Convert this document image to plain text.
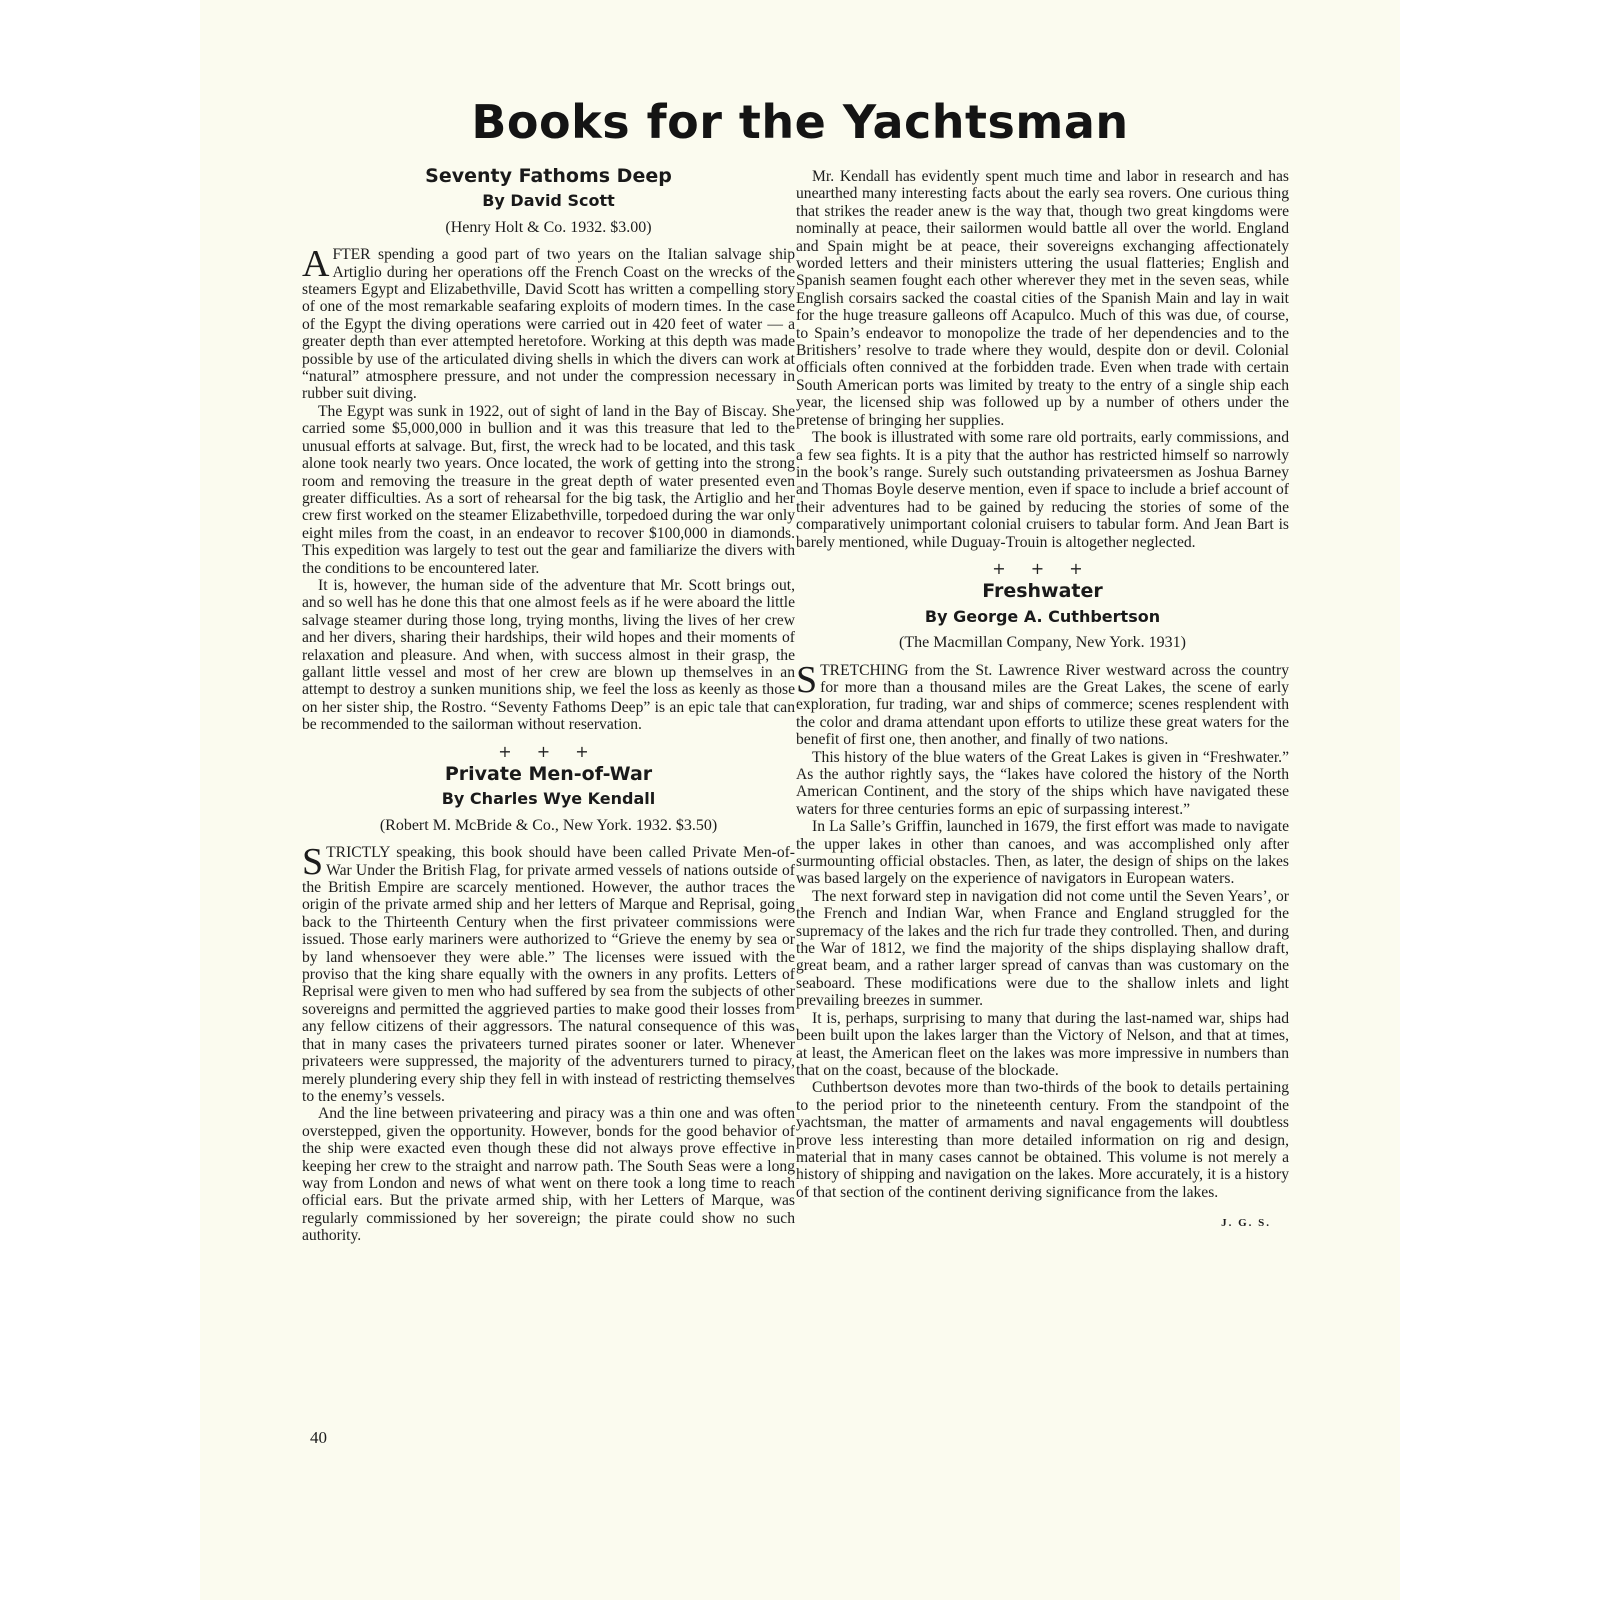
Books for the Yachtsman
Seventy Fathoms Deep
By David Scott
(Henry Holt & Co. 1932. $3.00)

AFTER spending a good part of two years on the Italian salvage ship Artiglio during her operations off the French Coast on the wrecks of the steamers Egypt and Elizabethville, David Scott has written a compelling story of one of the most remarkable seafaring exploits of modern times. In the case of the Egypt the diving operations were carried out in 420 feet of water — a greater depth than ever attempted heretofore. Working at this depth was made possible by use of the articulated diving shells in which the divers can work at “natural” atmosphere pressure, and not under the compression necessary in rubber suit diving.

The Egypt was sunk in 1922, out of sight of land in the Bay of Biscay. She carried some $5,000,000 in bullion and it was this treasure that led to the unusual efforts at salvage. But, first, the wreck had to be located, and this task alone took nearly two years. Once located, the work of getting into the strong room and removing the treasure in the great depth of water presented even greater difficulties. As a sort of rehearsal for the big task, the Artiglio and her crew first worked on the steamer Elizabethville, torpedoed during the war only eight miles from the coast, in an endeavor to recover $100,000 in diamonds. This expedition was largely to test out the gear and familiarize the divers with the conditions to be encountered later.

It is, however, the human side of the adventure that Mr. Scott brings out, and so well has he done this that one almost feels as if he were aboard the little salvage steamer during those long, trying months, living the lives of her crew and her divers, sharing their hardships, their wild hopes and their moments of relaxation and pleasure. And when, with success almost in their grasp, the gallant little vessel and most of her crew are blown up themselves in an attempt to destroy a sunken munitions ship, we feel the loss as keenly as those on her sister ship, the Rostro. “Seventy Fathoms Deep” is an epic tale that can be recommended to the sailorman without reservation.

+ + +
Private Men-of-War
By Charles Wye Kendall
(Robert M. McBride & Co., New York. 1932. $3.50)

STRICTLY speaking, this book should have been called Private Men-of-War Under the British Flag, for private armed vessels of nations outside of the British Empire are scarcely mentioned. However, the author traces the origin of the private armed ship and her letters of Marque and Reprisal, going back to the Thirteenth Century when the first privateer commissions were issued. Those early mariners were authorized to “Grieve the enemy by sea or by land whensoever they were able.” The licenses were issued with the proviso that the king share equally with the owners in any profits. Letters of Reprisal were given to men who had suffered by sea from the subjects of other sovereigns and permitted the aggrieved parties to make good their losses from any fellow citizens of their aggressors. The natural consequence of this was that in many cases the privateers turned pirates sooner or later. Whenever privateers were suppressed, the majority of the adventurers turned to piracy, merely plundering every ship they fell in with instead of restricting themselves to the enemy’s vessels.

And the line between privateering and piracy was a thin one and was often overstepped, given the opportunity. However, bonds for the good behavior of the ship were exacted even though these did not always prove effective in keeping her crew to the straight and narrow path. The South Seas were a long way from London and news of what went on there took a long time to reach official ears. But the private armed ship, with her Letters of Marque, was regularly commissioned by her sovereign; the pirate could show no such authority.

Mr. Kendall has evidently spent much time and labor in research and has unearthed many interesting facts about the early sea rovers. One curious thing that strikes the reader anew is the way that, though two great kingdoms were nominally at peace, their sailormen would battle all over the world. England and Spain might be at peace, their sovereigns exchanging affectionately worded letters and their ministers uttering the usual flatteries; English and Spanish seamen fought each other wherever they met in the seven seas, while English corsairs sacked the coastal cities of the Spanish Main and lay in wait for the huge treasure galleons off Acapulco. Much of this was due, of course, to Spain’s endeavor to monopolize the trade of her dependencies and to the Britishers’ resolve to trade where they would, despite don or devil. Colonial officials often connived at the forbidden trade. Even when trade with certain South American ports was limited by treaty to the entry of a single ship each year, the licensed ship was followed up by a number of others under the pretense of bringing her supplies.

The book is illustrated with some rare old portraits, early commissions, and a few sea fights. It is a pity that the author has restricted himself so narrowly in the book’s range. Surely such outstanding privateersmen as Joshua Barney and Thomas Boyle deserve mention, even if space to include a brief account of their adventures had to be gained by reducing the stories of some of the comparatively unimportant colonial cruisers to tabular form. And Jean Bart is barely mentioned, while Duguay-Trouin is altogether neglected.

+ + +
Freshwater
By George A. Cuthbertson
(The Macmillan Company, New York. 1931)

STRETCHING from the St. Lawrence River westward across the country for more than a thousand miles are the Great Lakes, the scene of early exploration, fur trading, war and ships of commerce; scenes resplendent with the color and drama attendant upon efforts to utilize these great waters for the benefit of first one, then another, and finally of two nations.

This history of the blue waters of the Great Lakes is given in “Freshwater.” As the author rightly says, the “lakes have colored the history of the North American Continent, and the story of the ships which have navigated these waters for three centuries forms an epic of surpassing interest.”

In La Salle’s Griffin, launched in 1679, the first effort was made to navigate the upper lakes in other than canoes, and was accomplished only after surmounting official obstacles. Then, as later, the design of ships on the lakes was based largely on the experience of navigators in European waters.

The next forward step in navigation did not come until the Seven Years’, or the French and Indian War, when France and England struggled for the supremacy of the lakes and the rich fur trade they controlled. Then, and during the War of 1812, we find the majority of the ships displaying shallow draft, great beam, and a rather larger spread of canvas than was customary on the seaboard. These modifications were due to the shallow inlets and light prevailing breezes in summer.

It is, perhaps, surprising to many that during the last-named war, ships had been built upon the lakes larger than the Victory of Nelson, and that at times, at least, the American fleet on the lakes was more impressive in numbers than that on the coast, because of the blockade.

Cuthbertson devotes more than two-thirds of the book to details pertaining to the period prior to the nineteenth century. From the standpoint of the yachtsman, the matter of armaments and naval engagements will doubtless prove less interesting than more detailed information on rig and design, material that in many cases cannot be obtained. This volume is not merely a history of shipping and navigation on the lakes. More accurately, it is a history of that section of the continent deriving significance from the lakes.

J. G. S.
40
